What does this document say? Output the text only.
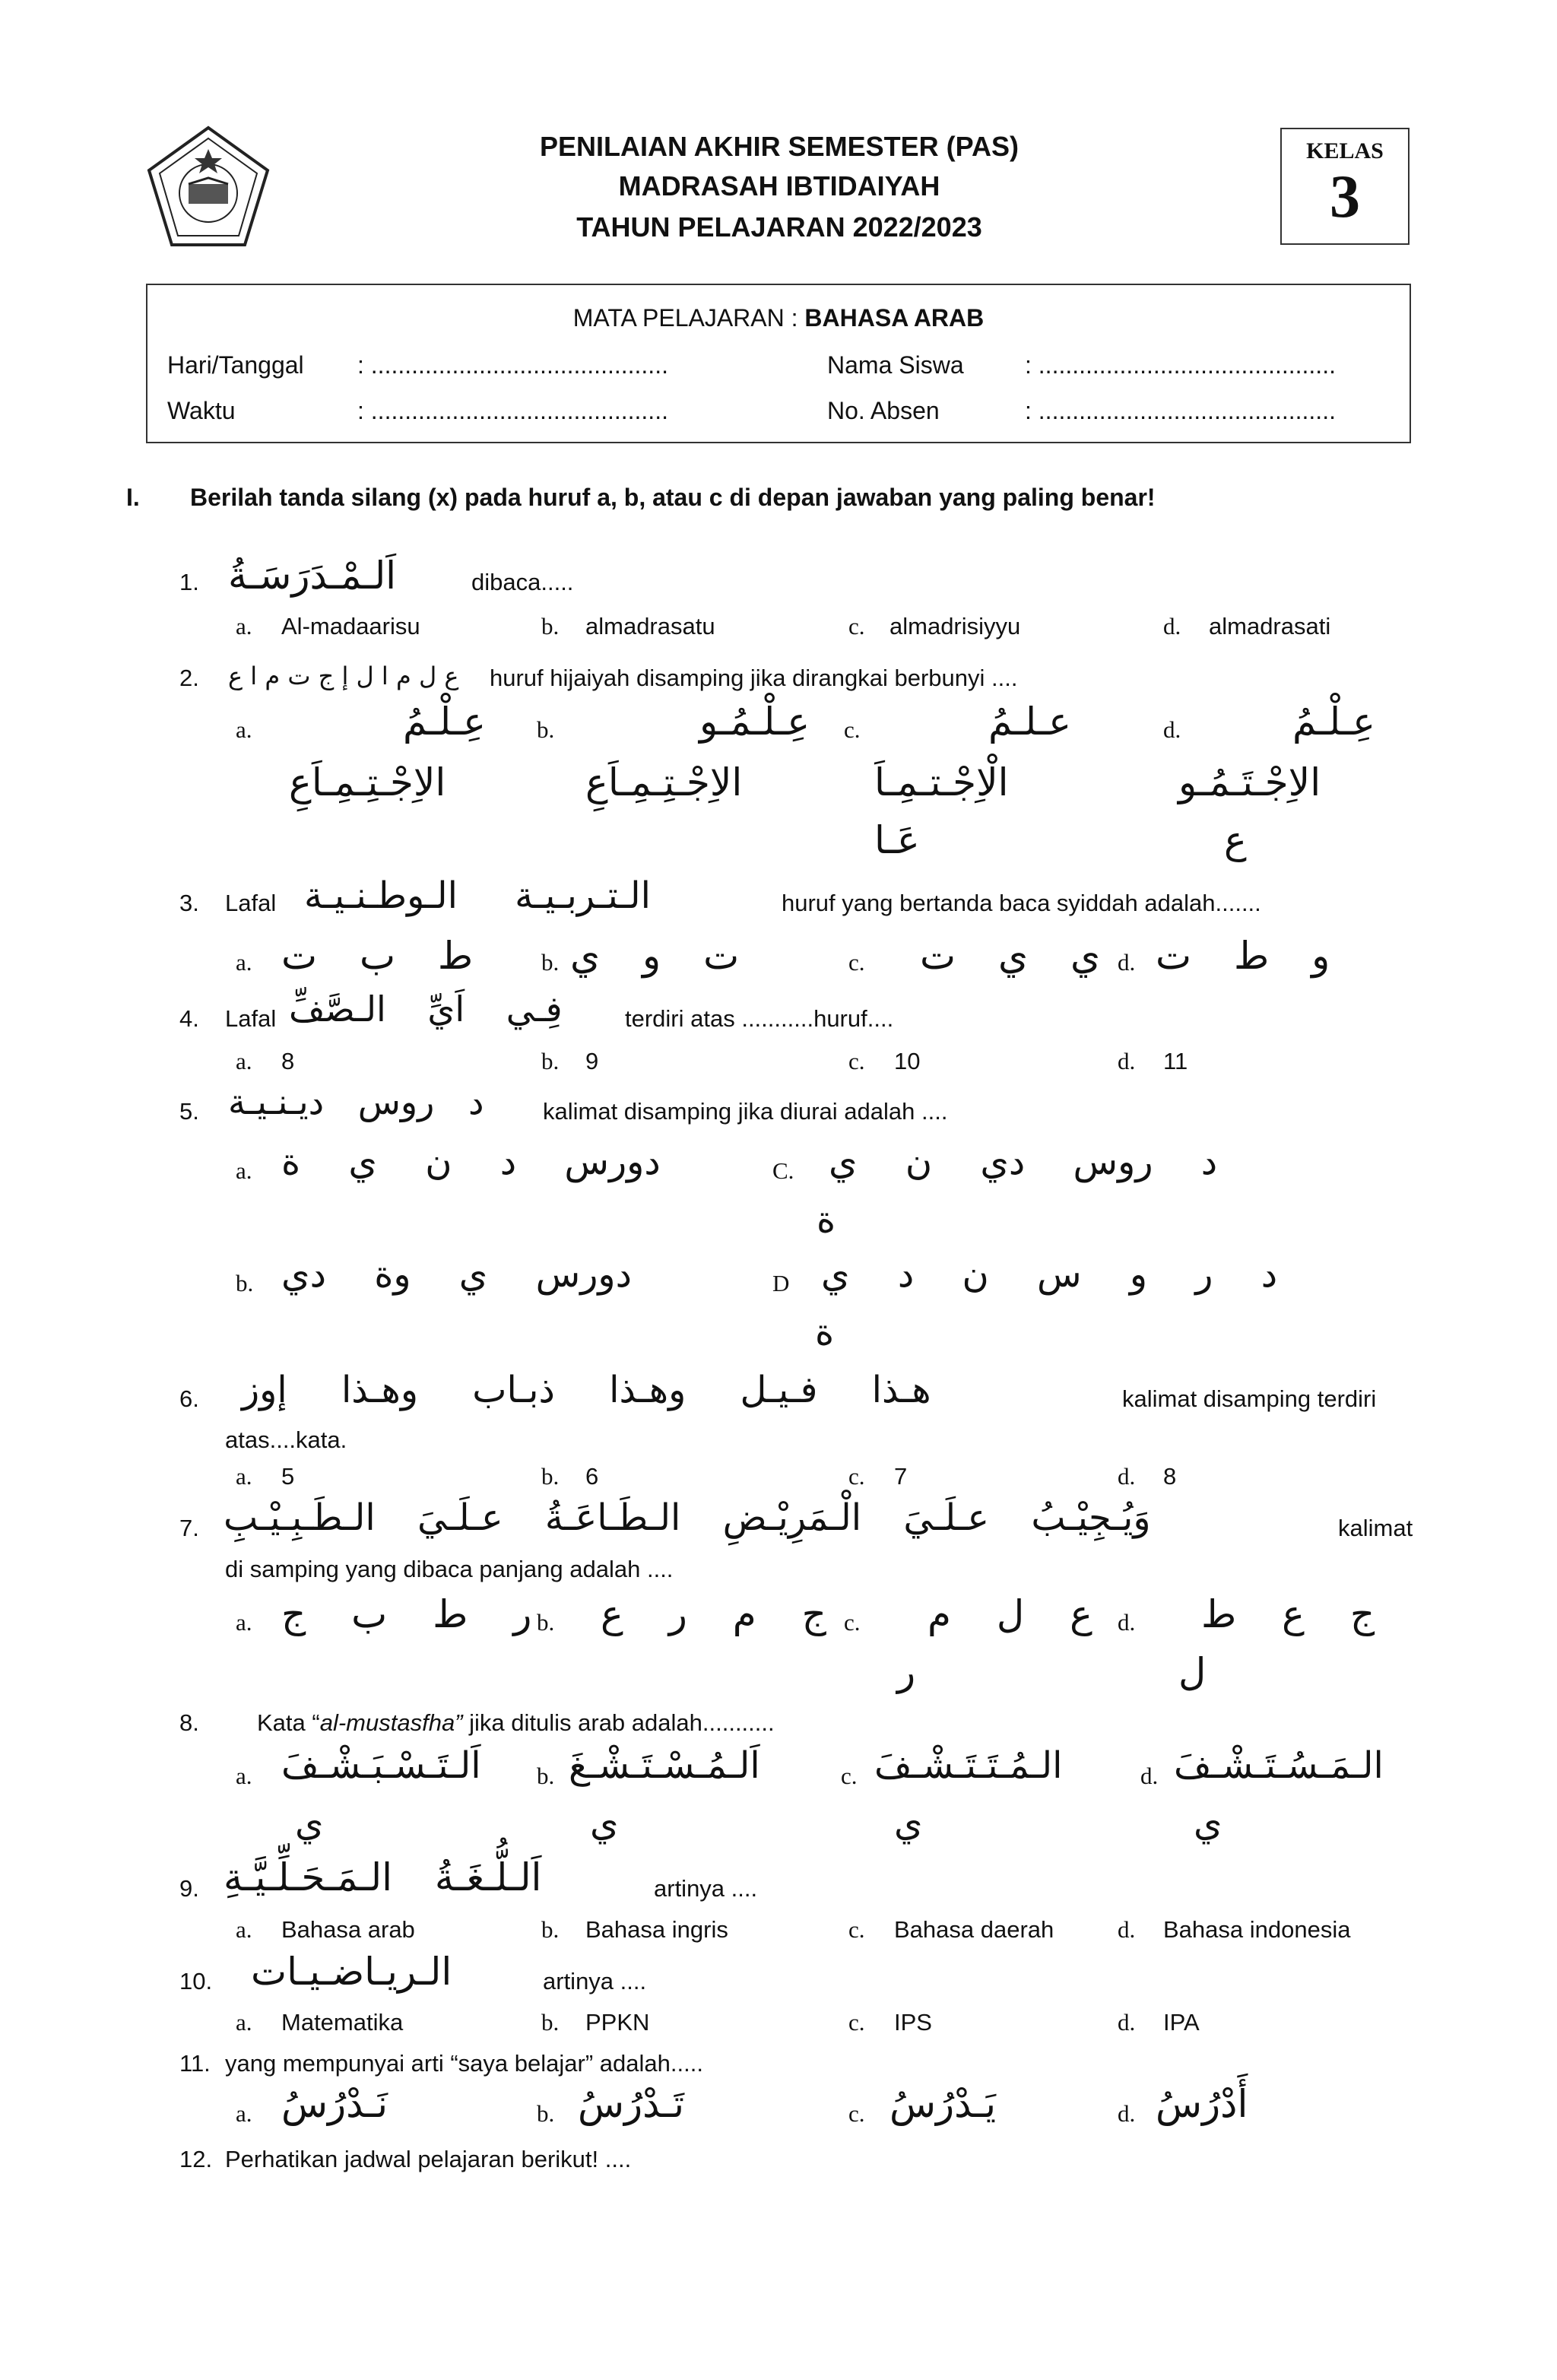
PENILAIAN AKHIR SEMESTER (PAS)
MADRASAH IBTIDAIYAH
TAHUN PELAJARAN 2022/2023
KELAS
3
MATA PELAJARAN : BAHASA ARAB
Hari/Tanggal : ............................................
Waktu	: ............................................
Nama Siswa	: ............................................
No. Absen	: ............................................
I. Berilah tanda silang (x) pada huruf a, b, atau c di depan jawaban yang paling benar!
1. اَلـمْـدَرَسَـةُ	dibaca.....
a. Al-madaarisu	b. almadrasatu	c. almadrisiyyu	d. almadrasati
2. ع ل م ا ل إ ج ت م ا ع huruf hijaiyah disamping jika dirangkai berbunyi ....
a.	عِـلْـمُ
الاِجْـتِـمِـاَعِ
b.	عِـلْـمُـو
الاِجْـتِـمِـاَعِ
c.	عـلـمُ
الْاِجْـتـمِـاَ
عَـا
d.	عِـلْـمُ
الاِجْـتَـمُـو
ع
3. Lafal الـتـربـيـة الـوطـنـيـة	huruf yang bertanda baca syiddah adalah.......
a. ط ب ت	b. ت و ي	c. ي ي ت d. و ط ت
4. Lafal فِـي اَيِّ الـصَّفِّ	terdiri atas ...........huruf....
a. 8	b. 9	c. 10	d. 11
5. د روس ديـنـيـة	kalimat disamping jika diurai adalah ....
a. دورس د ن ي ة	C. د روس دي ن ي
ة
b. دورس ي وة دي	D د ر و س ن د ي
ة
6. هـذا فـيـل وهـذا ذبـاب وهـذا إوز	kalimat disamping terdiri
atas....kata.
a. 5	b. 6	c. 7	d. 8
7. وَيُـجِيْـبُ عـلَـيَ الْـمَرِيْـضِ الـطَـاعَـةُ عـلَـيَ الـطَـبِـيْـبِ	kalimat
di samping yang dibaca panjang adalah ....
a. ر ط ب ج b. ج م ر ع c. ع ل م
ر
d. ج ع ط
ل
8. Kata “al-mustasfha” jika ditulis arab adalah...........
a. اَلـتَـسْـبَـشْـفَ
ي
b. اَلـمُـسْـتَـشْـغَ
ي
c. الـمُـتَـتَـشْـفَ
ي
d. الـمَـسُـتَـشْـفَ
ي
9. اَلـلُّـغَـةُ الـمَـحَـلِّـيَّـةِ	artinya ....
a. Bahasa arab	b. Bahasa ingris	c. Bahasa daerah	d. Bahasa indonesia
10. الـريـاضـيـات	artinya ....
a. Matematika	b. PPKN	c. IPS	d. IPA
11. yang mempunyai arti “saya belajar” adalah.....
a. نَـدْرُسُ	b. تَـدْرُسُ	c. يَـدْرُسُ	d. أَدْرُسُ
12. Perhatikan jadwal pelajaran berikut! ....
